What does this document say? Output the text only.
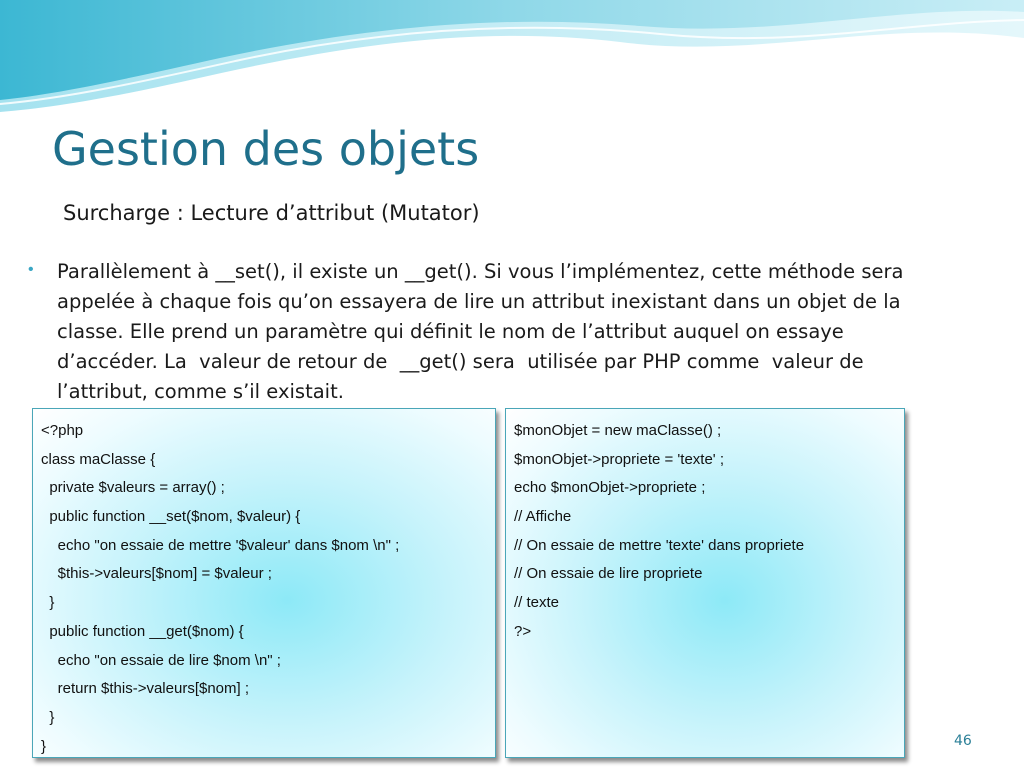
Gestion des objets
Surcharge : Lecture d’attribut (Mutator)
• Parallèlement à __set(), il existe un __get(). Si vous l’implémentez, cette méthode sera
appelée à chaque fois qu’on essayera de lire un attribut inexistant dans un objet de la
classe. Elle prend un paramètre qui définit le nom de l’attribut auquel on essaye
d’accéder. La  valeur de retour de  __get() sera  utilisée par PHP comme  valeur de
l’attribut, comme s’il existait.
<?php
class maClasse {
private $valeurs = array() ;
public function __set($nom, $valeur) {
echo "on essaie de mettre '$valeur' dans $nom \n" ;
$this->valeurs[$nom] = $valeur ;
}
public function __get($nom) {
echo "on essaie de lire $nom \n" ;
return $this->valeurs[$nom] ;
}
}
$monObjet = new maClasse() ;
$monObjet->propriete = 'texte' ;
echo $monObjet->propriete ;
// Affiche
// On essaie de mettre 'texte' dans propriete
// On essaie de lire propriete
// texte
?>
46
